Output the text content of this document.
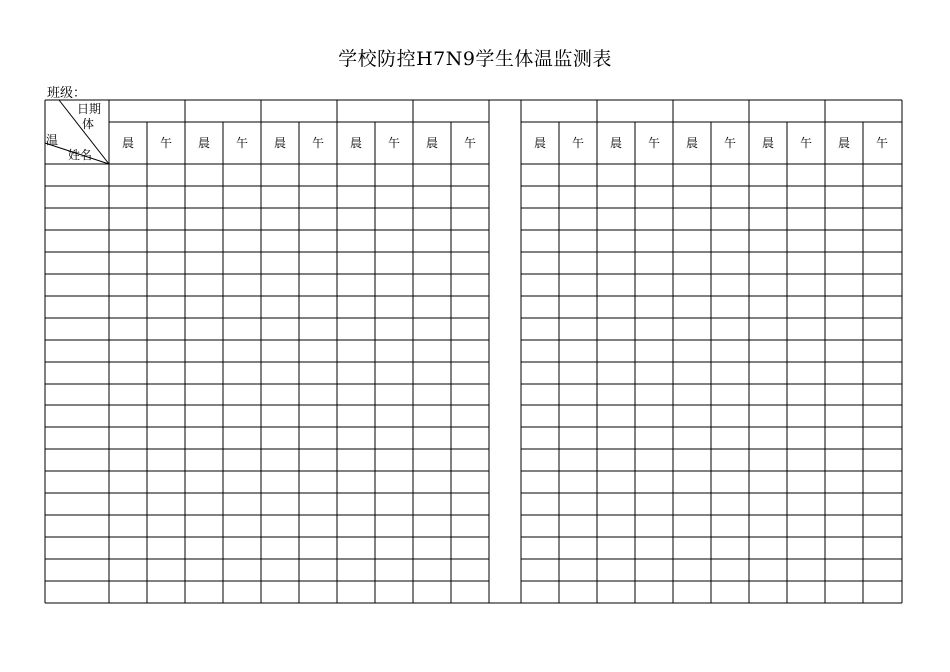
学校防控H7N9学生体温监测表
班级：
日期
体
温
姓名
晨 午 晨 午 晨 午 晨 午 晨 午	晨 午 晨 午 晨 午 晨 午 晨 午
